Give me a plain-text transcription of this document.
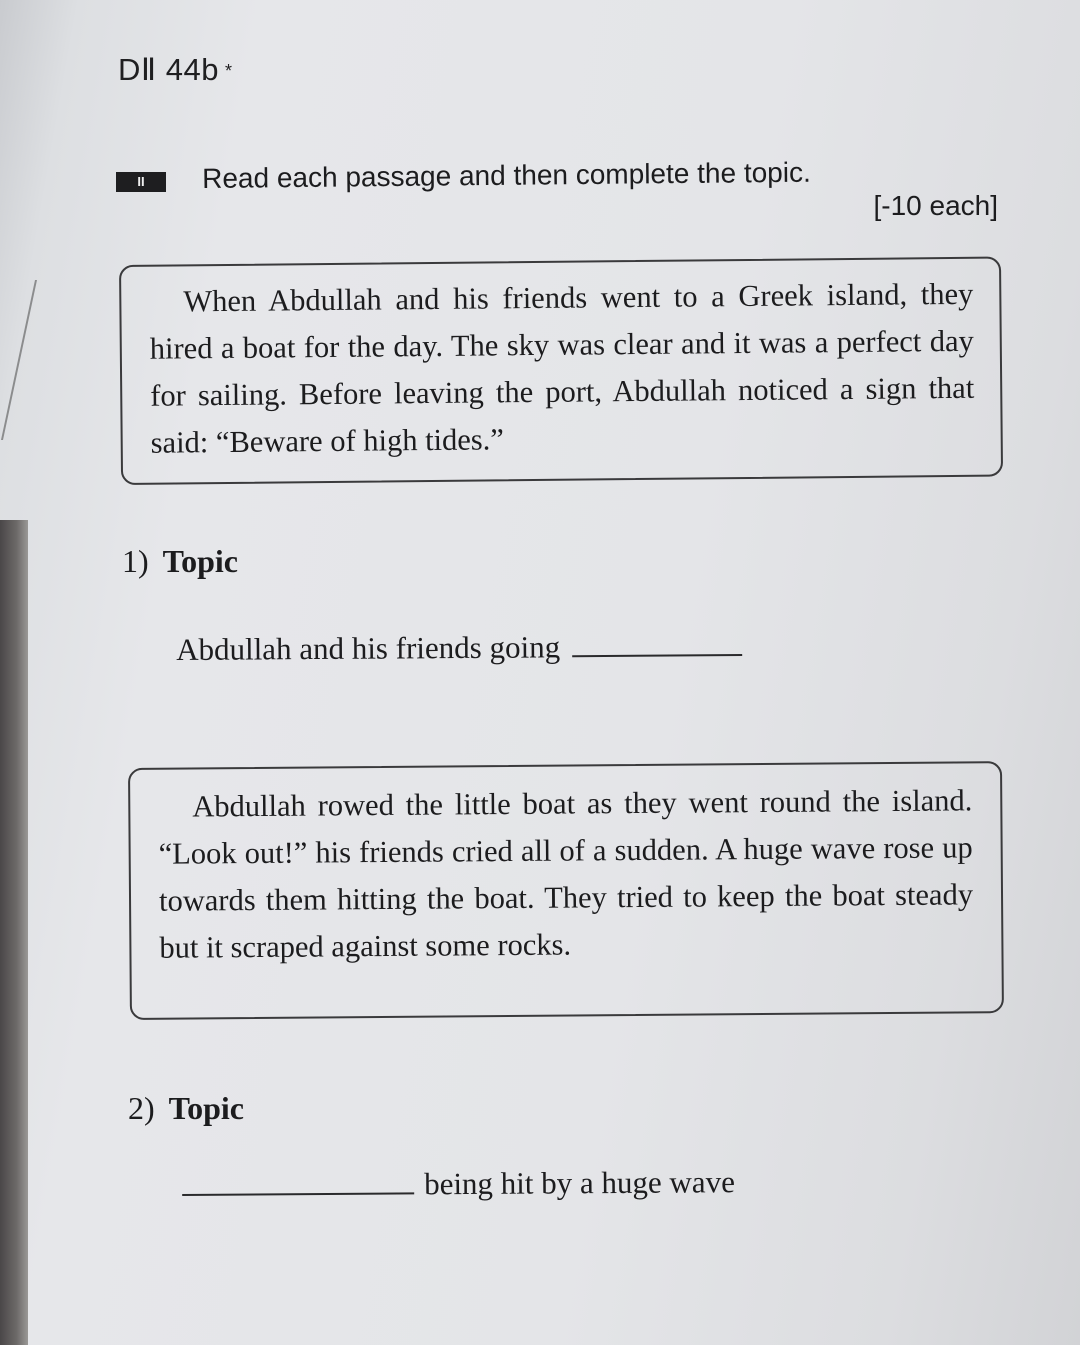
DⅡ 44b *
II	Read each passage and then complete the topic.
[-10 each]

When Abdullah and his friends went to a Greek island, they hired a boat for the day. The sky was clear and it was a perfect day for sailing. Before leaving the port, Abdullah noticed a sign that said: “Beware of high tides.”

1) Topic
Abdullah and his friends going

Abdullah rowed the little boat as they went round the island. “Look out!” his friends cried all of a sudden. A huge wave rose up towards them hitting the boat. They tried to keep the boat steady but it scraped against some rocks.

2) Topic
being hit by a huge wave
